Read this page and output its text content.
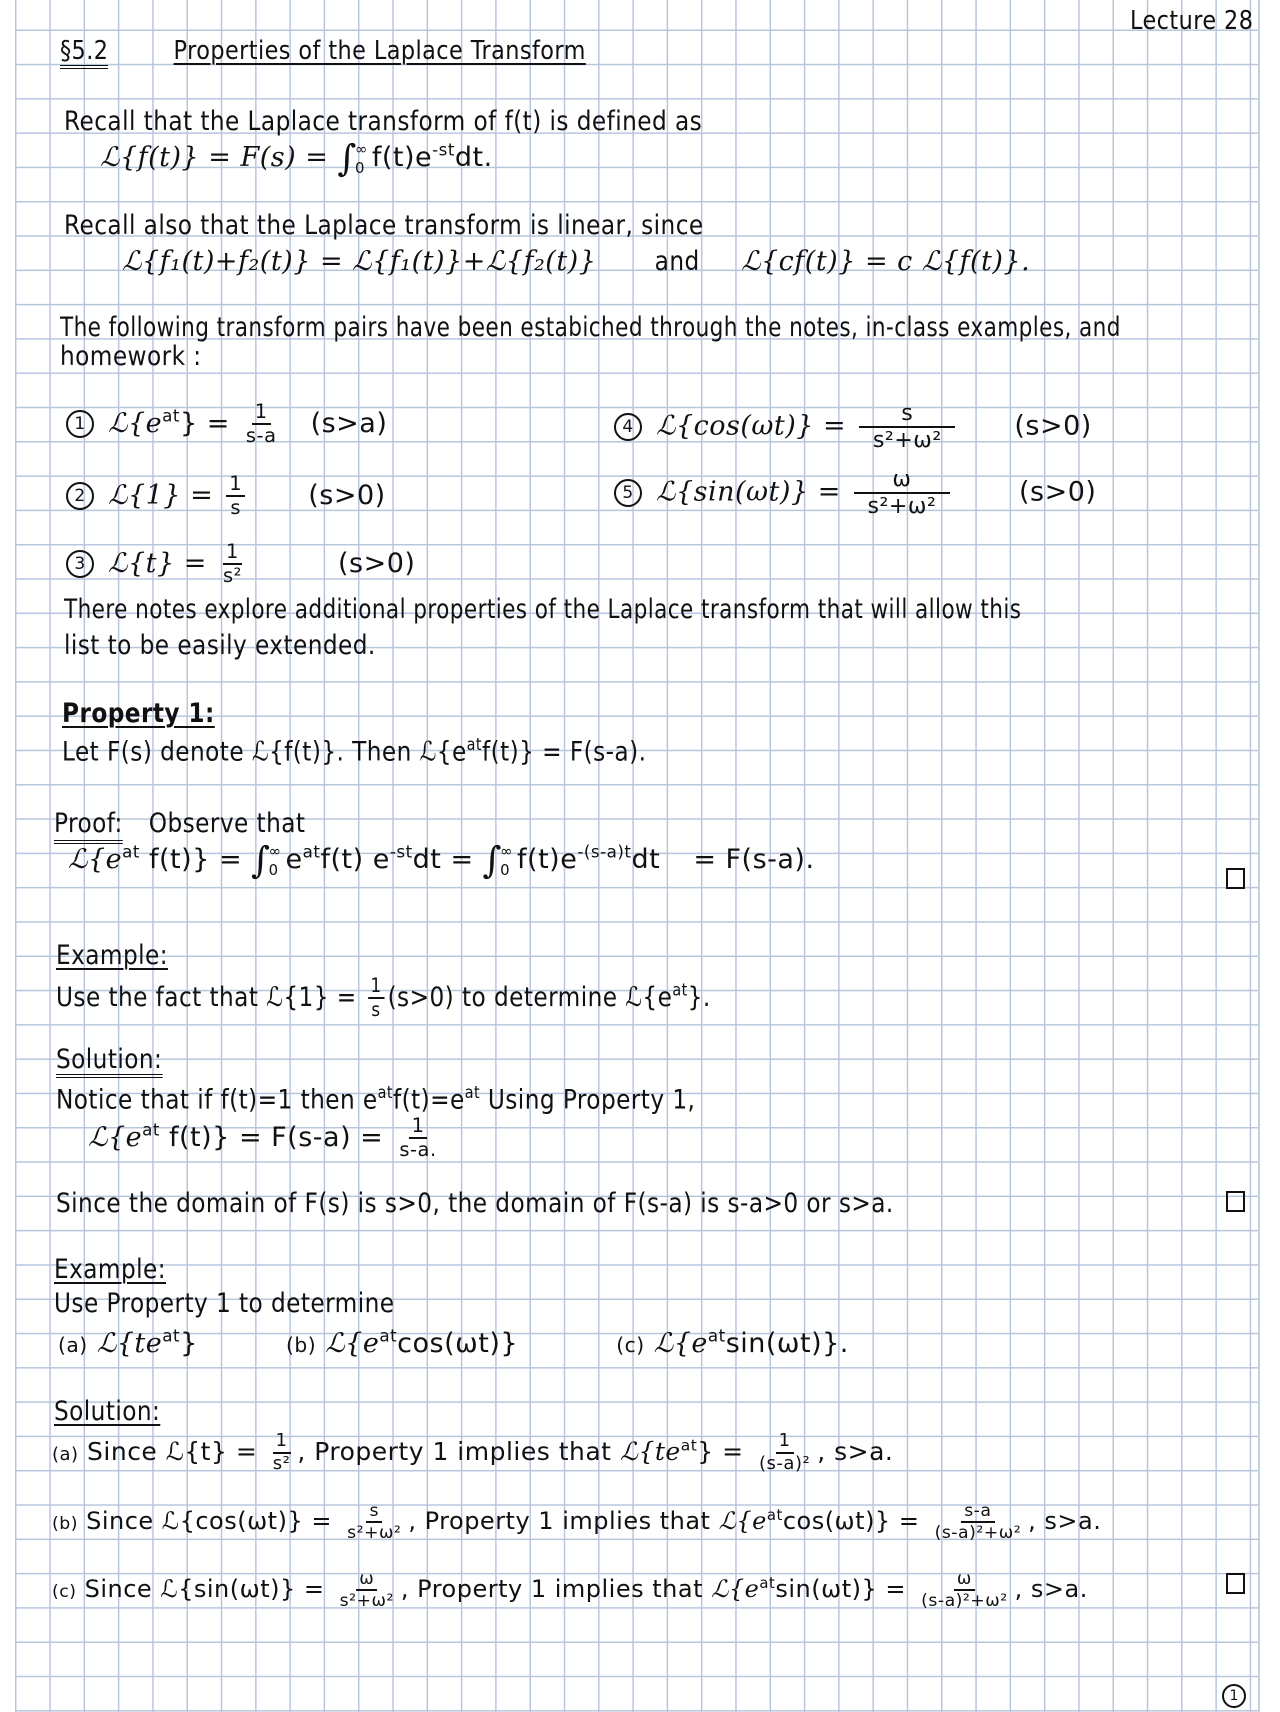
Lecture 28
§5.2	Properties of the Laplace Transform
Recall that the Laplace transform of f(t) is defined as
ℒ{f(t)} = F(s) = ∫
∞
0 $f(t)e^{-st}dt$.
Recall also that the Laplace transform is linear, since
ℒ{f₁(t)+f₂(t)} = ℒ{f₁(t)}+ℒ{f₂(t)} and ℒ{cf(t)} = c ℒ{f(t)}.
The following transform pairs have been estabiched through the notes, in-class examples, and
homework :
1 $ℒ\{e^{at}\} = \frac{1}{s-a} (s>a)$
2 ℒ{1} = $\frac{1}{s} (s>0)$
3 ℒ{t} = $\frac{1}{\text{s²}}$	(s>0)
4 ℒ{cos(ωt)} = $\frac{s}{\text{s²+ω²}} (s>0)$
5 ℒ{sin(ωt)} = $\frac{\omega}{\text{s²+ω²}}$	(s>0)
There notes explore additional properties of the Laplace transform that will allow this
list to be easily extended.
Property 1:
Let F(s) denote ℒ{f(t)}. Then $ℒ\{e^{at}f(t)\} = F(s-a)$.
Proof: Observe that
$ℒ\{e^{at}$ f(t)} = ∫
∞
0 $e^{at}f(t) e^{-st}dt$ = ∫
∞
0 $f(t)e^{-(s-a)t}dt = F(s-a)$.
Example:
Use the fact that ℒ{1} = $\frac{1}{s} (s>0)$ to determine $ℒ\{e^{at}\}$.
Solution:
Notice that if f(t)=1 then $e^{at}f(t)=e^{at}$ Using Property 1,
$ℒ\{e^{at}$ $f(t)\} = F(s-a) = \frac{1}{s-a.}$
Since the domain of F(s) is s>0, the domain of F(s-a) is s-a>0 or s>a.
Example:
Use Property 1 to determine
(a) $ℒ\{te^{at}\}$	(b) $ℒ\{e^{at}\cos(\omega t)\}$	(c) $ℒ\{e^{at}\sin(\omega t)\}$.
Solution:
(a) Since ℒ{t} = $\frac{1}{\text{s²}}$ , Property 1 implies that $ℒ\{te^{at}\} = \frac{1}{\text{(s-a)²}}$ , s>a.
(b) Since ℒ{cos(ωt)} = $\frac{s}{\text{s²+ω²}}$ , Property 1 implies that $ℒ\{e^{at}\cos(\omega t)\} = \frac{s-a}{\text{(s-a)²+ω²}}$ , s>a.
(c) Since ℒ{sin(ωt)} = $\frac{\omega}{\text{s²+ω²}}$ , Property 1 implies that $ℒ\{e^{at}\sin(\omega t)\} = \frac{\omega}{\text{(s-a)²+ω²}}$ , s>a.
1
